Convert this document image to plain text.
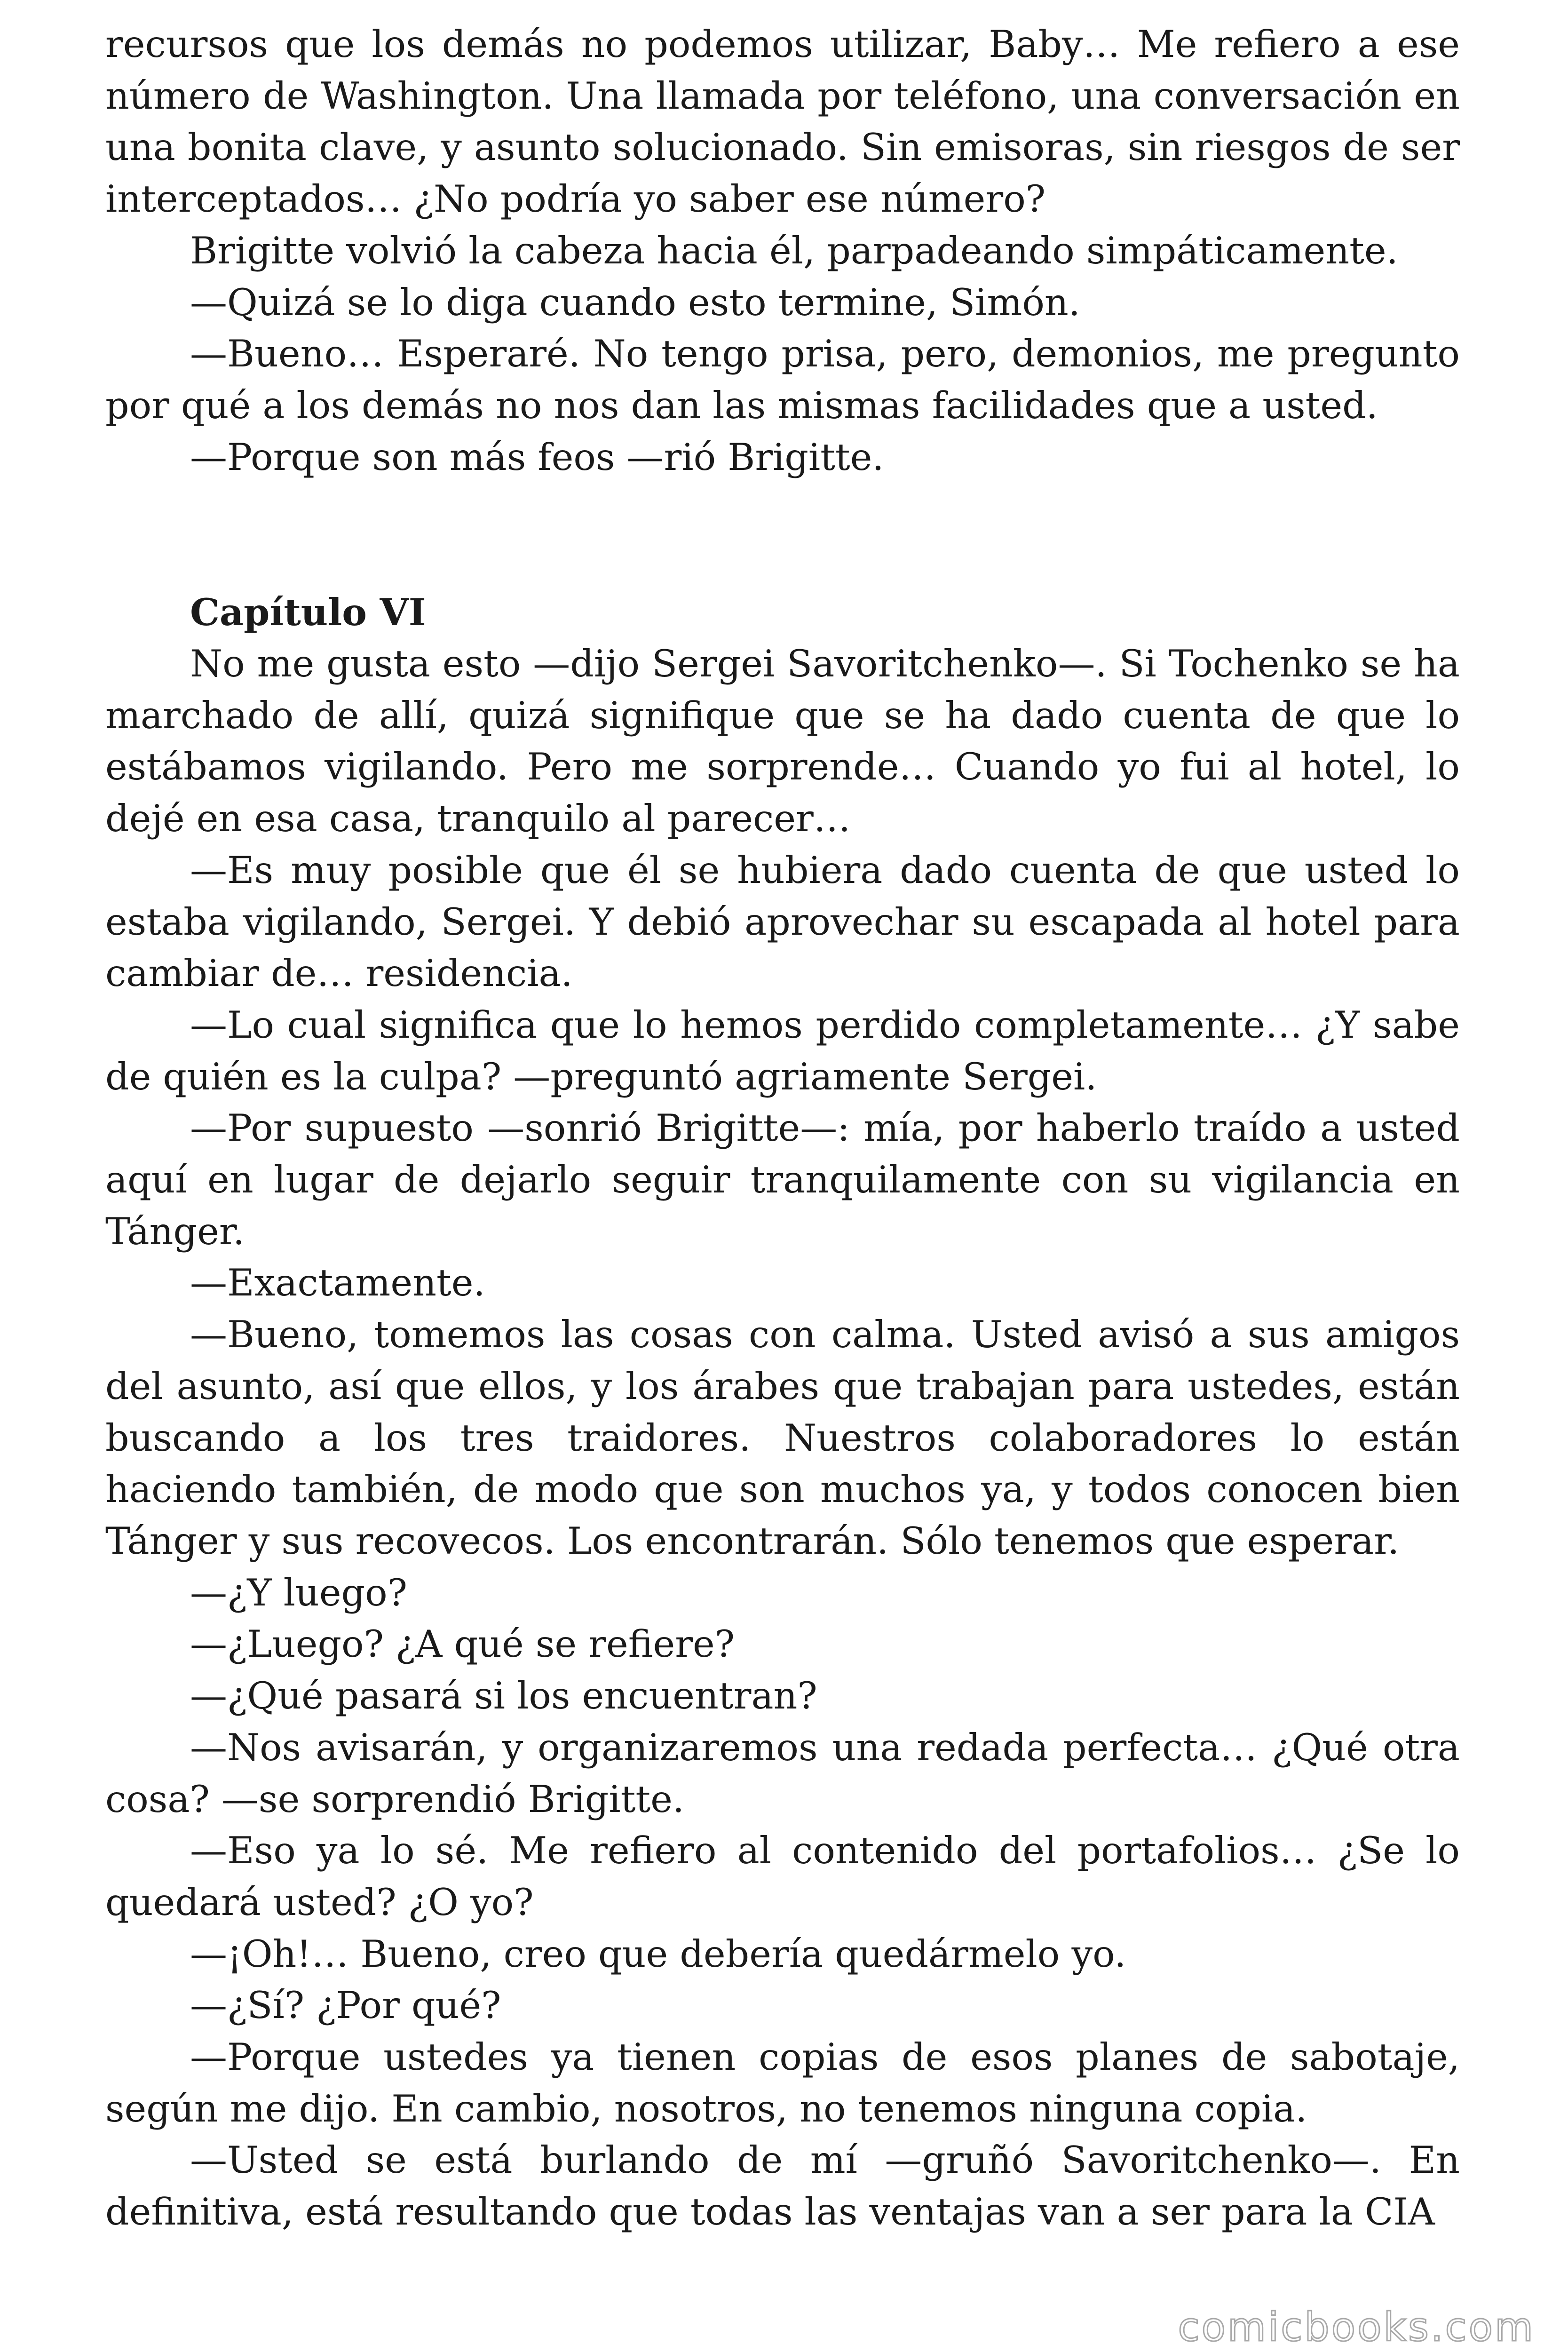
recursos que los demás no podemos utilizar, Baby… Me refiero a ese número de Washington. Una llamada por teléfono, una conversación en una bonita clave, y asunto solucionado. Sin emisoras, sin riesgos de ser interceptados… ¿No podría yo saber ese número?

Brigitte volvió la cabeza hacia él, parpadeando simpáticamente.

—Quizá se lo diga cuando esto termine, Simón.

—Bueno… Esperaré. No tengo prisa, pero, demonios, me pregunto por qué a los demás no nos dan las mismas facilidades que a usted.

—Porque son más feos —rió Brigitte.

Capítulo VI

No me gusta esto —dijo Sergei Savoritchenko—. Si Tochenko se ha marchado de allí, quizá signifique que se ha dado cuenta de que lo estábamos vigilando. Pero me sorprende… Cuando yo fui al hotel, lo dejé en esa casa, tranquilo al parecer…

—Es muy posible que él se hubiera dado cuenta de que usted lo estaba vigilando, Sergei. Y debió aprovechar su escapada al hotel para cambiar de… residencia.

—Lo cual significa que lo hemos perdido completamente… ¿Y sabe de quién es la culpa? —preguntó agriamente Sergei.

—Por supuesto —sonrió Brigitte—: mía, por haberlo traído a usted aquí en lugar de dejarlo seguir tranquilamente con su vigilancia en Tánger.

—Exactamente.

—Bueno, tomemos las cosas con calma. Usted avisó a sus amigos del asunto, así que ellos, y los árabes que trabajan para ustedes, están buscando a los tres traidores. Nuestros colaboradores lo están haciendo también, de modo que son muchos ya, y todos conocen bien Tánger y sus recovecos. Los encontrarán. Sólo tenemos que esperar.

—¿Y luego?

—¿Luego? ¿A qué se refiere?

—¿Qué pasará si los encuentran?

—Nos avisarán, y organizaremos una redada perfecta… ¿Qué otra cosa? —se sorprendió Brigitte.

—Eso ya lo sé. Me refiero al contenido del portafolios… ¿Se lo quedará usted? ¿O yo?

—¡Oh!… Bueno, creo que debería quedármelo yo.

—¿Sí? ¿Por qué?

—Porque ustedes ya tienen copias de esos planes de sabotaje, según me dijo. En cambio, nosotros, no tenemos ninguna copia.

—Usted se está burlando de mí —gruñó Savoritchenko—. En definitiva, está resultando que todas las ventajas van a ser para la CIA

comicbooks.com
